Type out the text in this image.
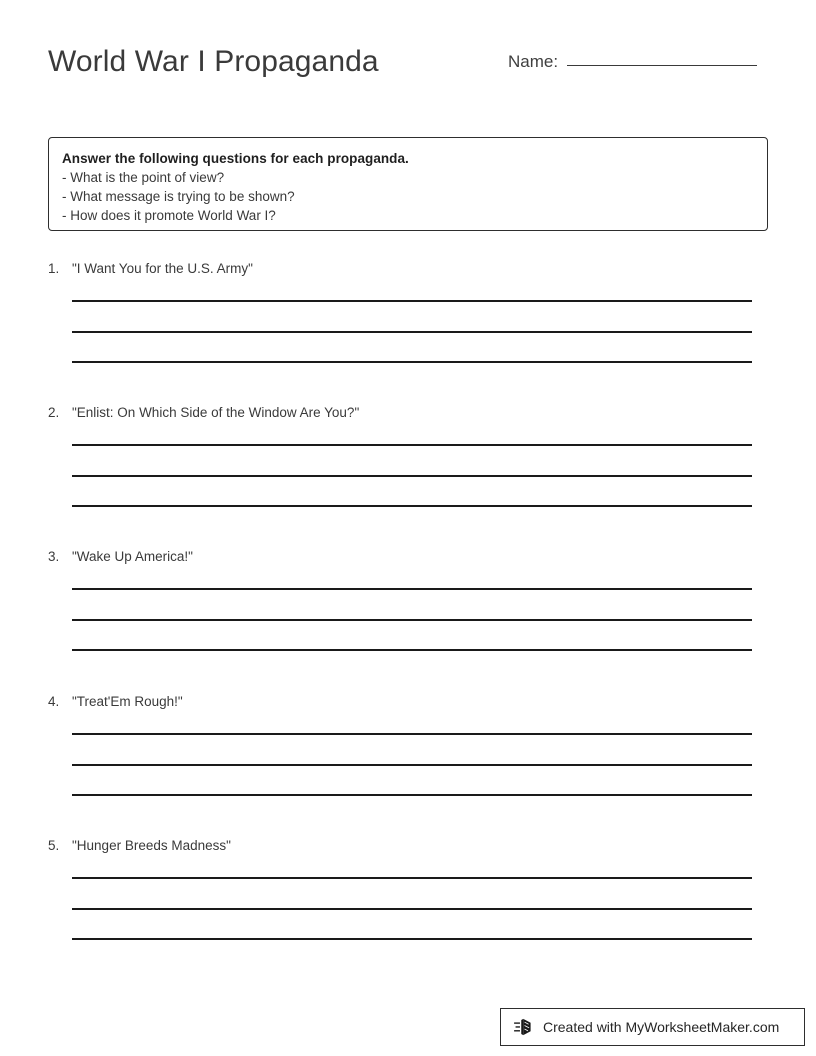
World War I Propaganda	Name:
Answer the following questions for each propaganda.
- What is the point of view?
- What message is trying to be shown?
- How does it promote World War I?
1. "I Want You for the U.S. Army"
2. "Enlist: On Which Side of the Window Are You?"
3. "Wake Up America!"
4. "Treat'Em Rough!"
5. "Hunger Breeds Madness"
Created with MyWorksheetMaker.com
